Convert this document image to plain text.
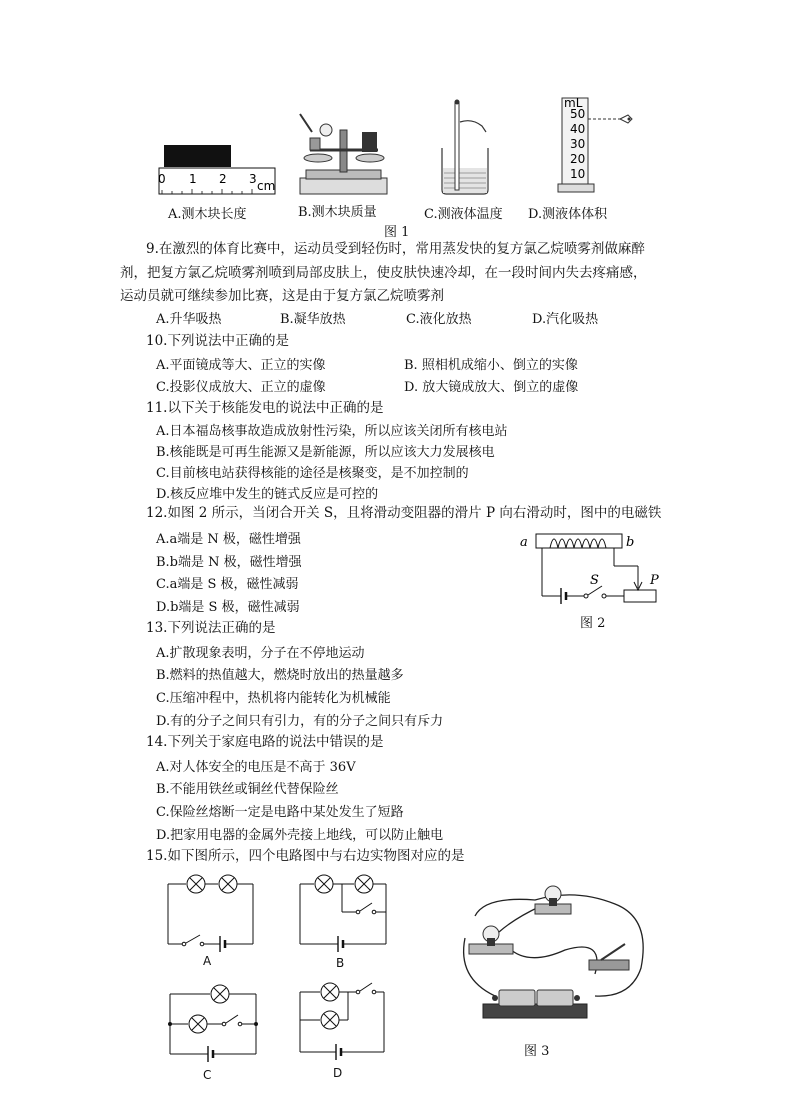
0 1 2 3 cm
mL
50
40
30
20
10
A.测木块长度	B.测木块质量	C.测液体温度 D.测液体体积
图 1
9.在激烈的体育比赛中，运动员受到轻伤时，常用蒸发快的复方氯乙烷喷雾剂做麻醉
剂，把复方氯乙烷喷雾剂喷到局部皮肤上，使皮肤快速冷却，在一段时间内失去疼痛感，
运动员就可继续参加比赛，这是由于复方氯乙烷喷雾剂
A.升华吸热	B.凝华放热	C.液化放热	D.汽化吸热
10.下列说法中正确的是
A.平面镜成等大、正立的实像	B. 照相机成缩小、倒立的实像
C.投影仪成放大、正立的虚像	D. 放大镜成放大、倒立的虚像
11.以下关于核能发电的说法中正确的是
A.日本福岛核事故造成放射性污染，所以应该关闭所有核电站
B.核能既是可再生能源又是新能源，所以应该大力发展核电
C.目前核电站获得核能的途径是核聚变，是不加控制的
D.核反应堆中发生的链式反应是可控的
12.如图 2 所示，当闭合开关 S，且将滑动变阻器的滑片 P 向右滑动时，图中的电磁铁
A.a端是 N 极，磁性增强
B.b端是 N 极，磁性增强
C.a端是 S 极，磁性减弱
D.b端是 S 极，磁性减弱
a	b
S	P
图 2
13.下列说法正确的是
A.扩散现象表明，分子在不停地运动
B.燃料的热值越大，燃烧时放出的热量越多
C.压缩冲程中，热机将内能转化为机械能
D.有的分子之间只有引力，有的分子之间只有斥力
14.下列关于家庭电路的说法中错误的是
A.对人体安全的电压是不高于 36V
B.不能用铁丝或铜丝代替保险丝
C.保险丝熔断一定是电路中某处发生了短路
D.把家用电器的金属外壳接上地线，可以防止触电
15.如下图所示，四个电路图中与右边实物图对应的是
A	B
C	D
图 3
